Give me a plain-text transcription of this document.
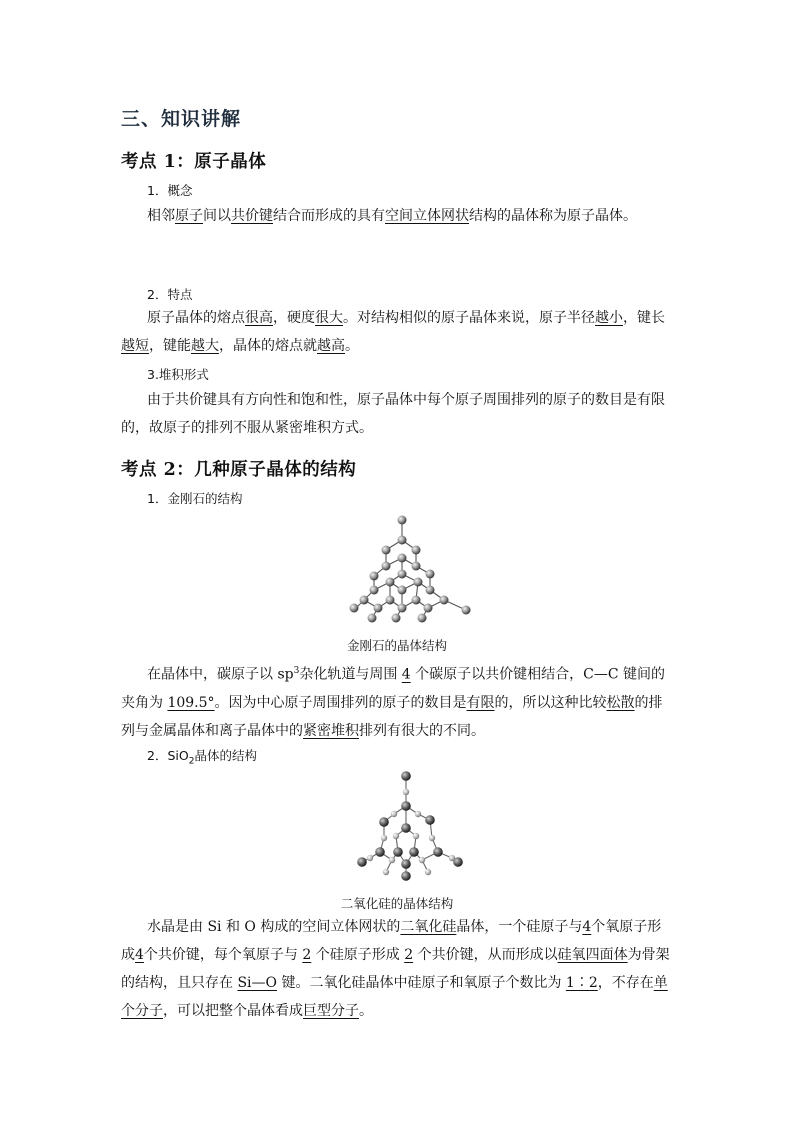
三、知识讲解
考点 1：原子晶体
1．概念
相邻原子间以共价键结合而形成的具有空间立体网状结构的晶体称为原子晶体。
2．特点
原子晶体的熔点很高，硬度很大。对结构相似的原子晶体来说，原子半径越小，键长越短，键能越大，晶体的熔点就越高。
3.堆积形式
由于共价键具有方向性和饱和性，原子晶体中每个原子周围排列的原子的数目是有限的，故原子的排列不服从紧密堆积方式。
考点 2：几种原子晶体的结构
1．金刚石的结构
金刚石的晶体结构
在晶体中，碳原子以 $sp^3$杂化轨道与周围 4 个碳原子以共价键相结合，C—C 键间的夹角为 109.5°。因为中心原子周围排列的原子的数目是有限的，所以这种比较松散的排列与金属晶体和离子晶体中的紧密堆积排列有很大的不同。
2．SiO$_2$晶体的结构
二氧化硅的晶体结构
水晶是由 Si 和 O 构成的空间立体网状的二氧化硅晶体，一个硅原子与4个氧原子形成4个共价键，每个氧原子与 2 个硅原子形成 2 个共价键，从而形成以硅氧四面体为骨架的结构，且只存在 Si—O 键。二氧化硅晶体中硅原子和氧原子个数比为 1∶2，不存在单个分子，可以把整个晶体看成巨型分子。
